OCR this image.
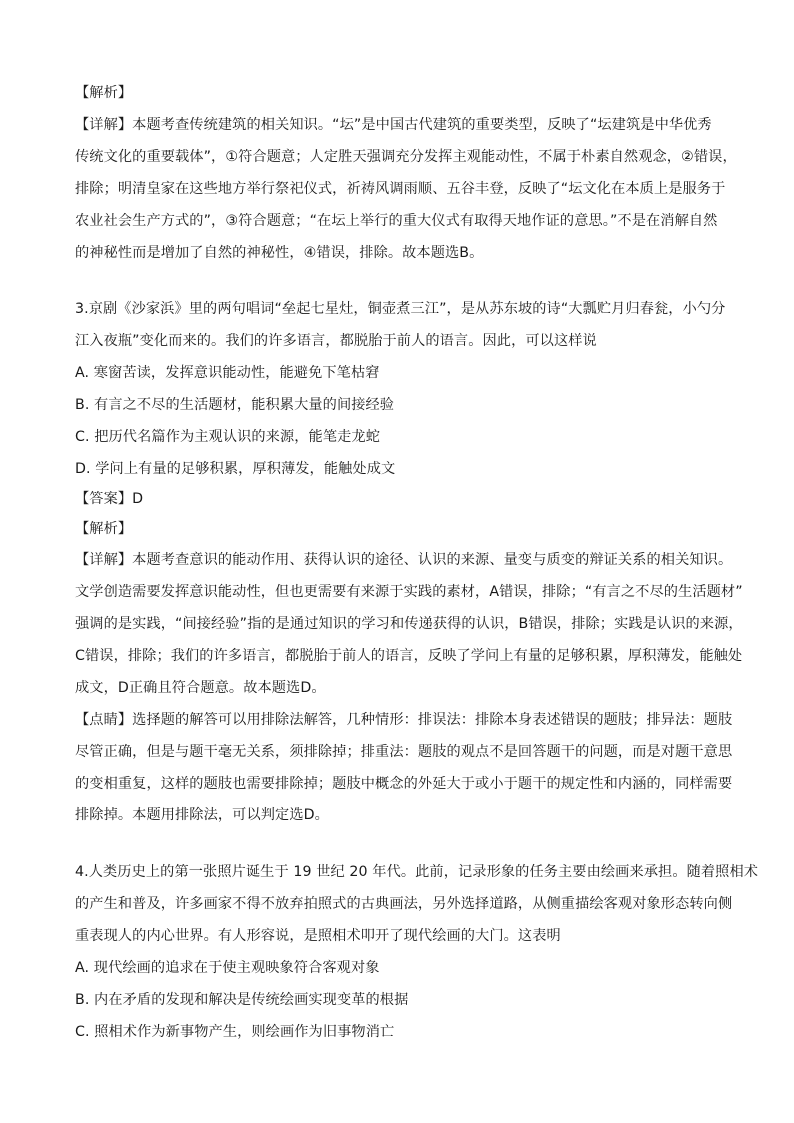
【解析】
【详解】本题考查传统建筑的相关知识。“坛”是中国古代建筑的重要类型，反映了“坛建筑是中华优秀
传统文化的重要载体”，①符合题意；人定胜天强调充分发挥主观能动性，不属于朴素自然观念，②错误，
排除；明清皇家在这些地方举行祭祀仪式，祈祷风调雨顺、五谷丰登，反映了“坛文化在本质上是服务于
农业社会生产方式的”，③符合题意；“在坛上举行的重大仪式有取得天地作证的意思。”不是在消解自然
的神秘性而是增加了自然的神秘性，④错误，排除。故本题选B。
3.京剧《沙家浜》里的两句唱词“垒起七星灶，铜壶煮三江”，是从苏东坡的诗“大瓢贮月归春瓮，小勺分
江入夜瓶”变化而来的。我们的许多语言，都脱胎于前人的语言。因此，可以这样说
A. 寒窗苦读，发挥意识能动性，能避免下笔枯窘
B. 有言之不尽的生活题材，能积累大量的间接经验
C. 把历代名篇作为主观认识的来源，能笔走龙蛇
D. 学问上有量的足够积累，厚积薄发，能触处成文
【答案】D
【解析】
【详解】本题考查意识的能动作用、获得认识的途径、认识的来源、量变与质变的辩证关系的相关知识。
文学创造需要发挥意识能动性，但也更需要有来源于实践的素材，A错误，排除；“有言之不尽的生活题材”
强调的是实践，“间接经验”指的是通过知识的学习和传递获得的认识，B错误，排除；实践是认识的来源，
C错误，排除；我们的许多语言，都脱胎于前人的语言，反映了学问上有量的足够积累，厚积薄发，能触处
成文，D正确且符合题意。故本题选D。
【点睛】选择题的解答可以用排除法解答，几种情形：排误法：排除本身表述错误的题肢；排异法：题肢
尽管正确，但是与题干毫无关系，须排除掉；排重法：题肢的观点不是回答题干的问题，而是对题干意思
的变相重复，这样的题肢也需要排除掉；题肢中概念的外延大于或小于题干的规定性和内涵的，同样需要
排除掉。本题用排除法，可以判定选D。
4.人类历史上的第一张照片诞生于 19 世纪 20 年代。此前，记录形象的任务主要由绘画来承担。随着照相术
的产生和普及，许多画家不得不放弃拍照式的古典画法，另外选择道路，从侧重描绘客观对象形态转向侧
重表现人的内心世界。有人形容说，是照相术叩开了现代绘画的大门。这表明
A. 现代绘画的追求在于使主观映象符合客观对象
B. 内在矛盾的发现和解决是传统绘画实现变革的根据
C. 照相术作为新事物产生，则绘画作为旧事物消亡
